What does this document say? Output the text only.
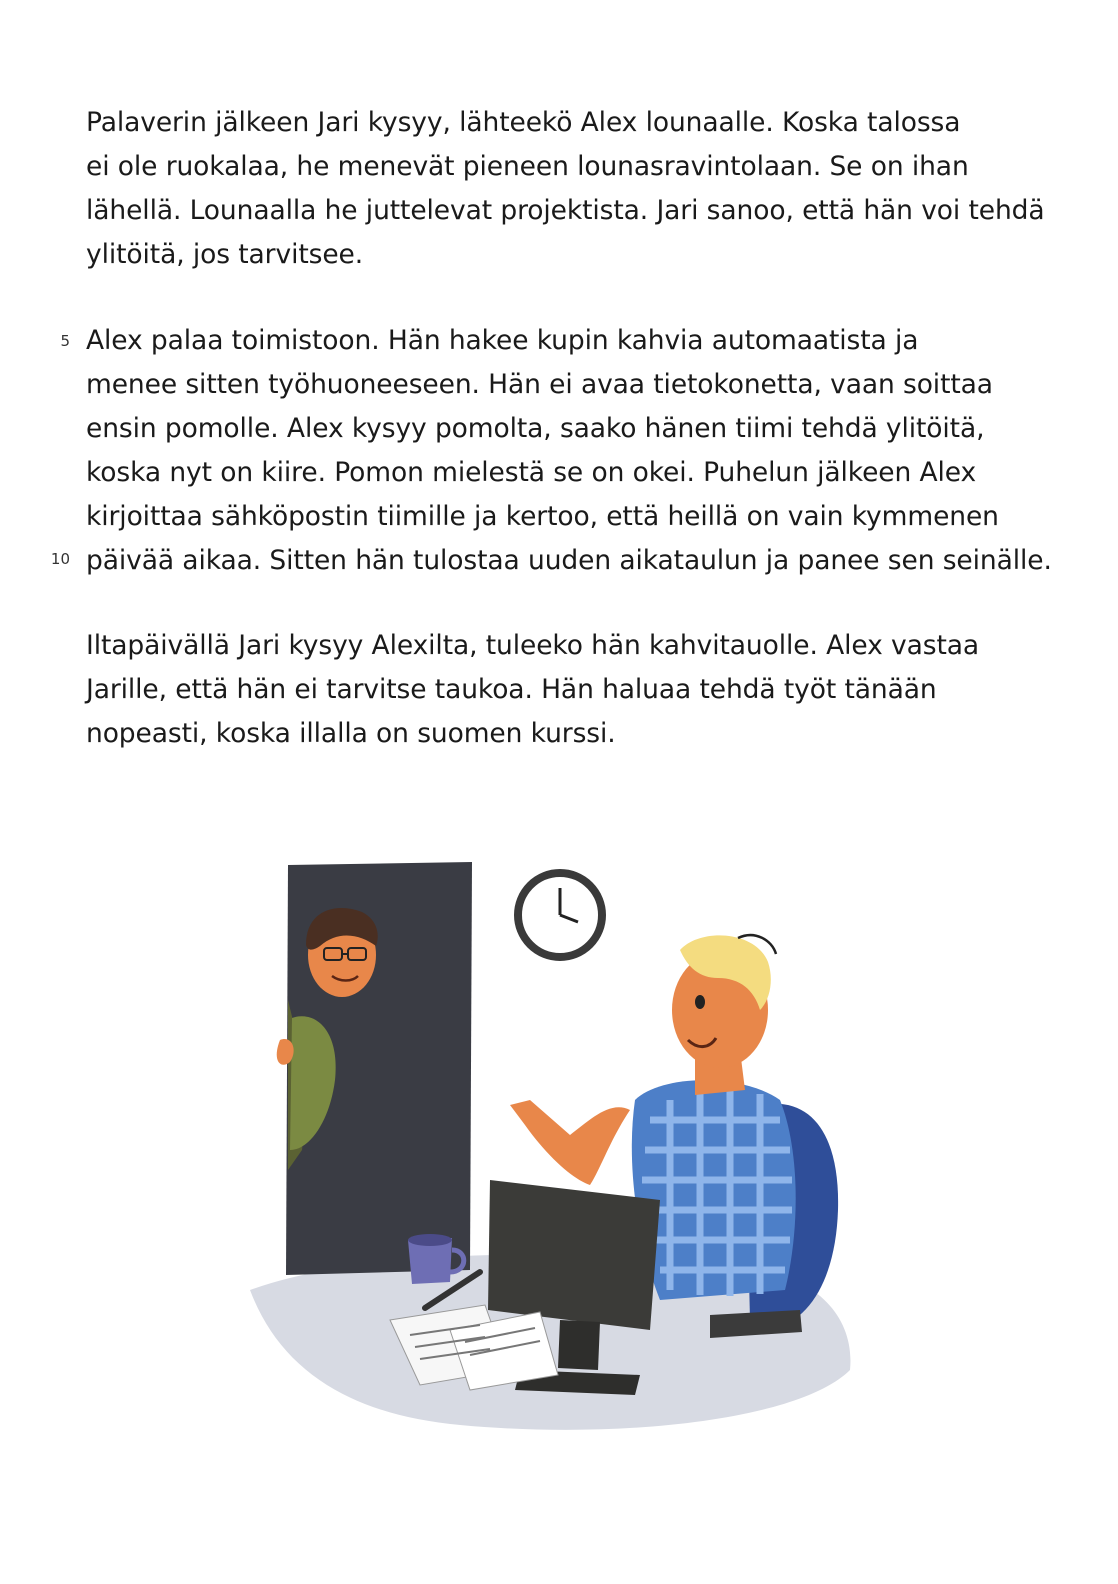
Palaverin jälkeen Jari kysyy, lähteekö Alex lounaalle. Koska talossa
ei ole ruokalaa, he menevät pieneen lounasravintolaan. Se on ihan
lähellä. Lounaalla he juttelevat projektista. Jari sanoo, että hän voi tehdä
ylitöitä, jos tarvitsee.
5 Alex palaa toimistoon. Hän hakee kupin kahvia automaatista ja
menee sitten työhuoneeseen. Hän ei avaa tietokonetta, vaan soittaa
ensin pomolle. Alex kysyy pomolta, saako hänen tiimi tehdä ylitöitä,
koska nyt on kiire. Pomon mielestä se on okei. Puhelun jälkeen Alex
kirjoittaa sähköpostin tiimille ja kertoo, että heillä on vain kymmenen
päivää aikaa. Sitten hän tulostaa uuden aikataulun ja panee sen seinälle.
10
Iltapäivällä Jari kysyy Alexilta, tuleeko hän kahvitauolle. Alex vastaa
Jarille, että hän ei tarvitse taukoa. Hän haluaa tehdä työt tänään
nopeasti, koska illalla on suomen kurssi.
